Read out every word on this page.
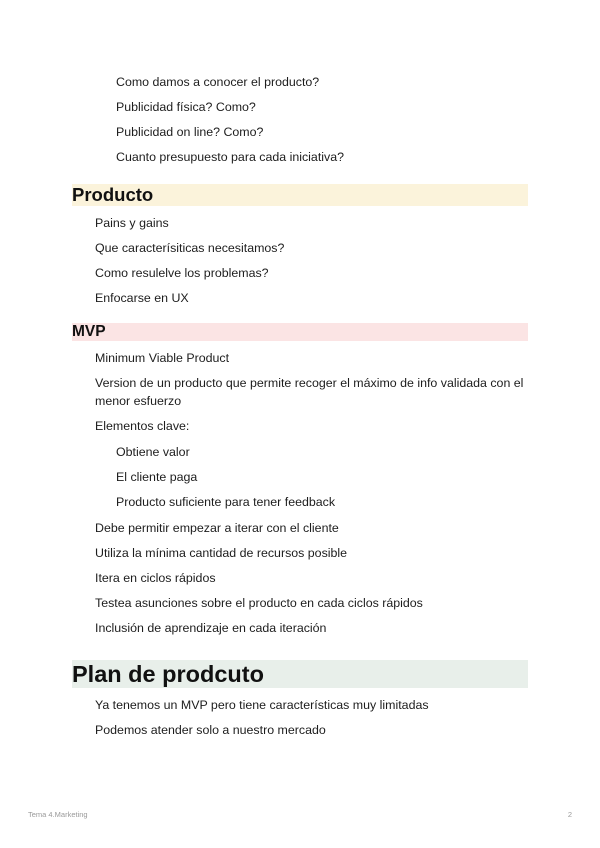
Como damos a conocer el producto?
Publicidad física? Como?
Publicidad on line? Como?
Cuanto presupuesto para cada iniciativa?
Producto
Pains y gains
Que caracterísiticas necesitamos?
Como resulelve los problemas?
Enfocarse en UX
MVP
Minimum Viable Product
Version de un producto que permite recoger el máximo de info validada con el menor esfuerzo
Elementos clave:
Obtiene valor
El cliente paga
Producto suficiente para tener feedback
Debe permitir empezar a iterar con el cliente
Utiliza la mínima cantidad de recursos posible
Itera en ciclos rápidos
Testea asunciones sobre el producto en cada ciclos rápidos
Inclusión de aprendizaje en cada iteración
Plan de prodcuto
Ya tenemos un MVP pero tiene características muy limitadas
Podemos atender solo a nuestro mercado
Tema 4.Marketing	2
